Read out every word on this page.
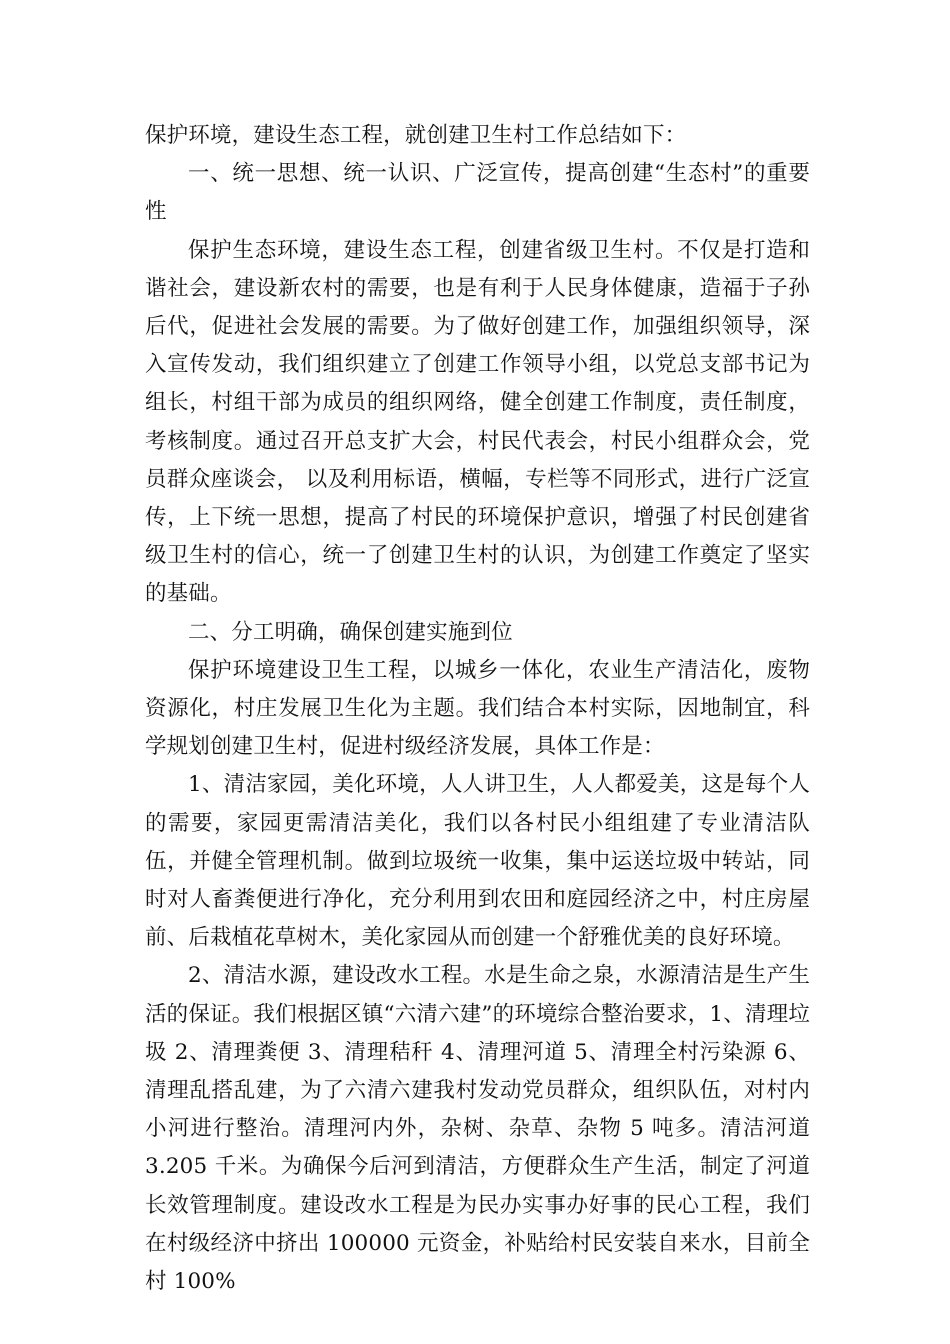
保护环境，建设生态工程，就创建卫生村工作总结如下：

一、统一思想、统一认识、广泛宣传，提高创建“生态村”的重要性

保护生态环境，建设生态工程，创建省级卫生村。不仅是打造和谐社会，建设新农村的需要，也是有利于人民身体健康，造福于子孙后代，促进社会发展的需要。为了做好创建工作，加强组织领导，深入宣传发动，我们组织建立了创建工作领导小组，以党总支部书记为组长，村组干部为成员的组织网络，健全创建工作制度，责任制度，考核制度。通过召开总支扩大会，村民代表会，村民小组群众会，党员群众座谈会， 以及利用标语，横幅，专栏等不同形式，进行广泛宣传，上下统一思想，提高了村民的环境保护意识，增强了村民创建省级卫生村的信心，统一了创建卫生村的认识，为创建工作奠定了坚实的基础。

二、分工明确，确保创建实施到位

保护环境建设卫生工程，以城乡一体化，农业生产清洁化，废物资源化，村庄发展卫生化为主题。我们结合本村实际，因地制宜，科学规划创建卫生村，促进村级经济发展，具体工作是：

1、清洁家园，美化环境，人人讲卫生，人人都爱美，这是每个人的需要，家园更需清洁美化，我们以各村民小组组建了专业清洁队伍，并健全管理机制。做到垃圾统一收集，集中运送垃圾中转站，同时对人畜粪便进行净化，充分利用到农田和庭园经济之中，村庄房屋前、后栽植花草树木，美化家园从而创建一个舒雅优美的良好环境。

2、清洁水源，建设改水工程。水是生命之泉，水源清洁是生产生活的保证。我们根据区镇“六清六建”的环境综合整治要求，1、清理垃圾 2、清理粪便 3、清理秸秆 4、清理河道 5、清理全村污染源 6、清理乱搭乱建，为了六清六建我村发动党员群众，组织队伍，对村内小河进行整治。清理河内外，杂树、杂草、杂物 5 吨多。清洁河道 3.205 千米。为确保今后河到清洁，方便群众生产生活，制定了河道长效管理制度。建设改水工程是为民办实事办好事的民心工程，我们在村级经济中挤出 100000 元资金，补贴给村民安装自来水，目前全村 100%
